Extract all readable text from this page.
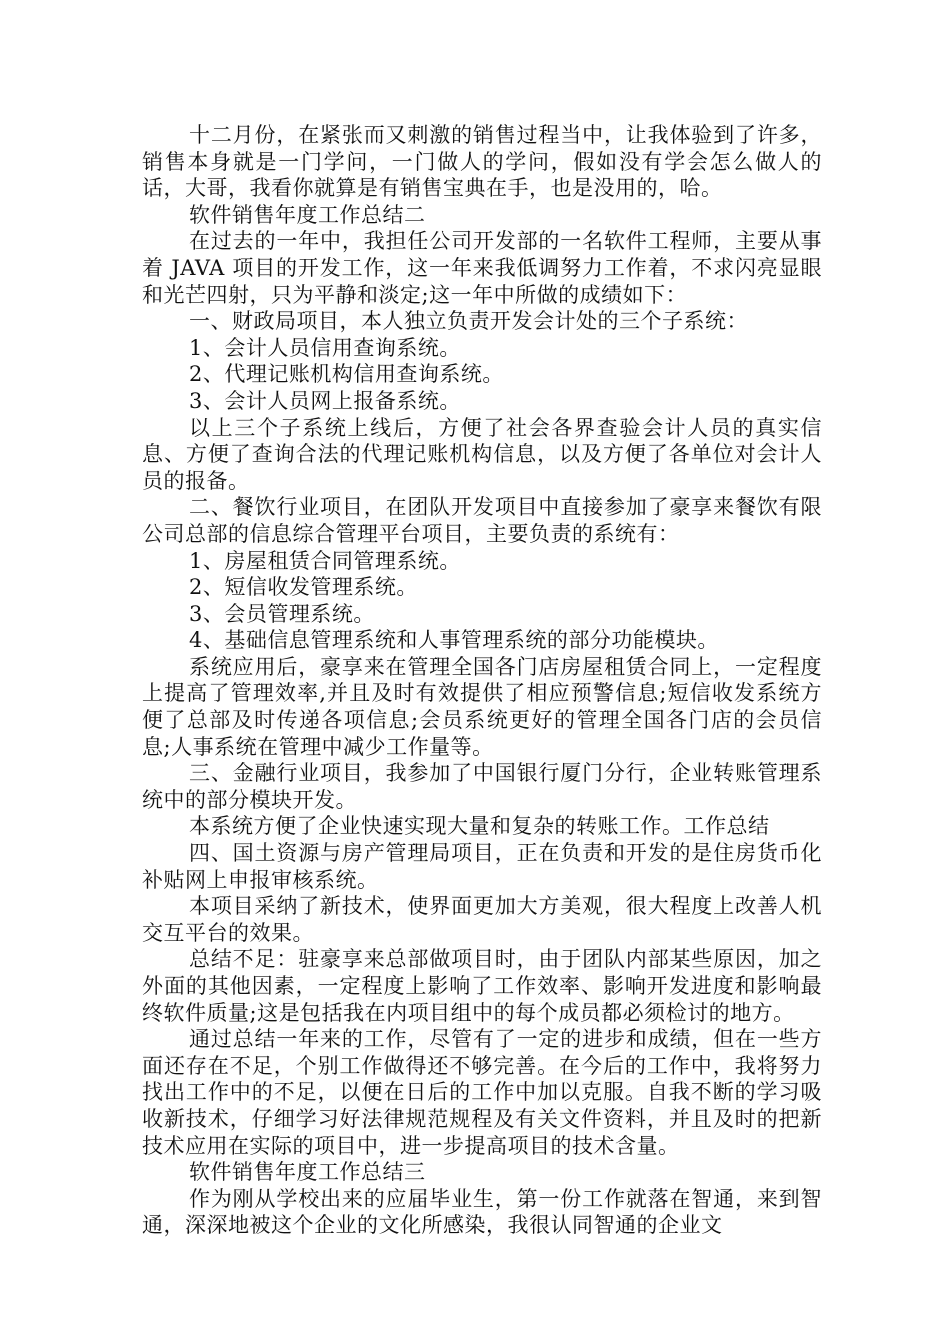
十二月份，在紧张而又刺激的销售过程当中，让我体验到了许多，销售本身就是一门学问，一门做人的学问，假如没有学会怎么做人的话，大哥，我看你就算是有销售宝典在手，也是没用的，哈。

软件销售年度工作总结二

在过去的一年中，我担任公司开发部的一名软件工程师，主要从事着 JAVA 项目的开发工作，这一年来我低调努力工作着，不求闪亮显眼和光芒四射，只为平静和淡定;这一年中所做的成绩如下：

一、财政局项目，本人独立负责开发会计处的三个子系统：

1、会计人员信用查询系统。

2、代理记账机构信用查询系统。

3、会计人员网上报备系统。

以上三个子系统上线后，方便了社会各界查验会计人员的真实信息、方便了查询合法的代理记账机构信息，以及方便了各单位对会计人员的报备。

二、餐饮行业项目，在团队开发项目中直接参加了豪享来餐饮有限公司总部的信息综合管理平台项目，主要负责的系统有：

1、房屋租赁合同管理系统。

2、短信收发管理系统。

3、会员管理系统。

4、基础信息管理系统和人事管理系统的部分功能模块。

系统应用后，豪享来在管理全国各门店房屋租赁合同上，一定程度上提高了管理效率,并且及时有效提供了相应预警信息;短信收发系统方便了总部及时传递各项信息;会员系统更好的管理全国各门店的会员信息;人事系统在管理中减少工作量等。

三、金融行业项目，我参加了中国银行厦门分行，企业转账管理系统中的部分模块开发。

本系统方便了企业快速实现大量和复杂的转账工作。工作总结

四、国土资源与房产管理局项目，正在负责和开发的是住房货币化补贴网上申报审核系统。

本项目采纳了新技术，使界面更加大方美观，很大程度上改善人机交互平台的效果。

总结不足：驻豪享来总部做项目时，由于团队内部某些原因，加之外面的其他因素，一定程度上影响了工作效率、影响开发进度和影响最终软件质量;这是包括我在内项目组中的每个成员都必须检讨的地方。

通过总结一年来的工作，尽管有了一定的进步和成绩，但在一些方面还存在不足，个别工作做得还不够完善。在今后的工作中，我将努力找出工作中的不足，以便在日后的工作中加以克服。自我不断的学习吸收新技术，仔细学习好法律规范规程及有关文件资料，并且及时的把新技术应用在实际的项目中，进一步提高项目的技术含量。

软件销售年度工作总结三

作为刚从学校出来的应届毕业生，第一份工作就落在智通，来到智通，深深地被这个企业的文化所感染，我很认同智通的企业文
